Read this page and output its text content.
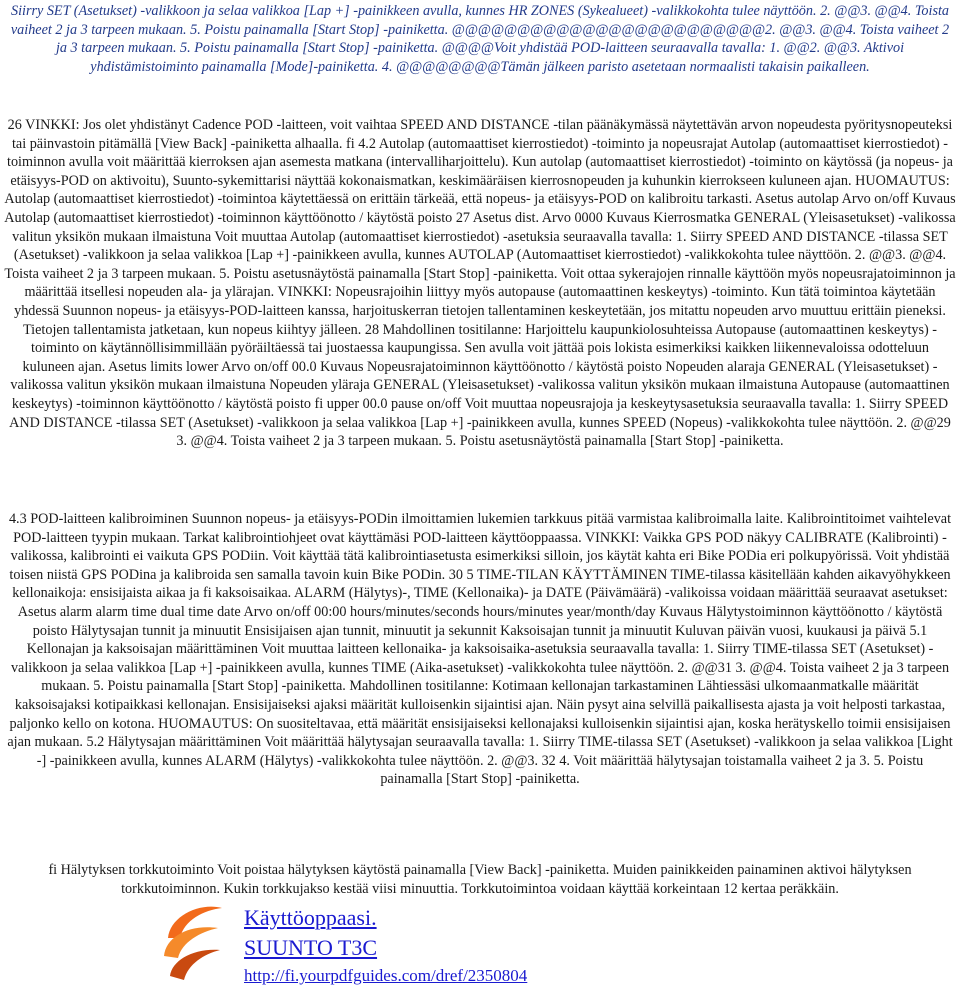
Siirry SET (Asetukset) -valikkoon ja selaa valikkoa [Lap +] -painikkeen avulla, kunnes HR ZONES (Sykealueet) -valikkokohta tulee näyttöön. 2. @@3. @@4. Toista vaiheet 2 ja 3 tarpeen mukaan. 5. Poistu painamalla [Start Stop] -painiketta. @@@@@@@@@@@@@@@@@@@@@@@@2. @@3. @@4. Toista vaiheet 2 ja 3 tarpeen mukaan. 5. Poistu painamalla [Start Stop] -painiketta. @@@@Voit yhdistää POD-laitteen seuraavalla tavalla: 1. @@2. @@3. Aktivoi yhdistämistoiminto painamalla [Mode]-painiketta. 4. @@@@@@@@Tämän jälkeen paristo asetetaan normaalisti takaisin paikalleen.

26 VINKKI: Jos olet yhdistänyt Cadence POD -laitteen, voit vaihtaa SPEED AND DISTANCE -tilan päänäkymässä näytettävän arvon nopeudesta pyöritysnopeuteksi tai päinvastoin pitämällä [View Back] -painiketta alhaalla. fi 4.2 Autolap (automaattiset kierrostiedot) -toiminto ja nopeusrajat Autolap (automaattiset kierrostiedot) -toiminnon avulla voit määrittää kierroksen ajan asemesta matkana (intervalliharjoittelu). Kun autolap (automaattiset kierrostiedot) -toiminto on käytössä (ja nopeus- ja etäisyys-POD on aktivoitu), Suunto-sykemittarisi näyttää kokonaismatkan, keskimääräisen kierrosnopeuden ja kuhunkin kierrokseen kuluneen ajan. HUOMAUTUS: Autolap (automaattiset kierrostiedot) -toimintoa käytettäessä on erittäin tärkeää, että nopeus- ja etäisyys-POD on kalibroitu tarkasti. Asetus autolap Arvo on/off Kuvaus Autolap (automaattiset kierrostiedot) -toiminnon käyttöönotto / käytöstä poisto 27 Asetus dist. Arvo 0000 Kuvaus Kierrosmatka GENERAL (Yleisasetukset) -valikossa valitun yksikön mukaan ilmaistuna Voit muuttaa Autolap (automaattiset kierrostiedot) -asetuksia seuraavalla tavalla: 1. Siirry SPEED AND DISTANCE -tilassa SET (Asetukset) -valikkoon ja selaa valikkoa [Lap +] -painikkeen avulla, kunnes AUTOLAP (Automaattiset kierrostiedot) -valikkokohta tulee näyttöön. 2. @@3. @@4. Toista vaiheet 2 ja 3 tarpeen mukaan. 5. Poistu asetusnäytöstä painamalla [Start Stop] -painiketta. Voit ottaa sykerajojen rinnalle käyttöön myös nopeusrajatoiminnon ja määrittää itsellesi nopeuden ala- ja ylärajan. VINKKI: Nopeusrajoihin liittyy myös autopause (automaattinen keskeytys) -toiminto. Kun tätä toimintoa käytetään yhdessä Suunnon nopeus- ja etäisyys-POD-laitteen kanssa, harjoituskerran tietojen tallentaminen keskeytetään, jos mitattu nopeuden arvo muuttuu erittäin pieneksi. Tietojen tallentamista jatketaan, kun nopeus kiihtyy jälleen. 28 Mahdollinen tositilanne: Harjoittelu kaupunkiolosuhteissa Autopause (automaattinen keskeytys) -toiminto on käytännöllisimmillään pyöräiltäessä tai juostaessa kaupungissa. Sen avulla voit jättää pois lokista esimerkiksi kaikken liikennevaloissa odotteluun kuluneen ajan. Asetus limits lower Arvo on/off 00.0 Kuvaus Nopeusrajatoiminnon käyttöönotto / käytöstä poisto Nopeuden alaraja GENERAL (Yleisasetukset) -valikossa valitun yksikön mukaan ilmaistuna Nopeuden yläraja GENERAL (Yleisasetukset) -valikossa valitun yksikön mukaan ilmaistuna Autopause (automaattinen keskeytys) -toiminnon käyttöönotto / käytöstä poisto fi upper 00.0 pause on/off Voit muuttaa nopeusrajoja ja keskeytysasetuksia seuraavalla tavalla: 1. Siirry SPEED AND DISTANCE -tilassa SET (Asetukset) -valikkoon ja selaa valikkoa [Lap +] -painikkeen avulla, kunnes SPEED (Nopeus) -valikkokohta tulee näyttöön. 2. @@29 3. @@4. Toista vaiheet 2 ja 3 tarpeen mukaan. 5. Poistu asetusnäytöstä painamalla [Start Stop] -painiketta.

4.3 POD-laitteen kalibroiminen Suunnon nopeus- ja etäisyys-PODin ilmoittamien lukemien tarkkuus pitää varmistaa kalibroimalla laite. Kalibrointitoimet vaihtelevat POD-laitteen tyypin mukaan. Tarkat kalibrointiohjeet ovat käyttämäsi POD-laitteen käyttöoppaassa. VINKKI: Vaikka GPS POD näkyy CALIBRATE (Kalibrointi) -valikossa, kalibrointi ei vaikuta GPS PODiin. Voit käyttää tätä kalibrointiasetusta esimerkiksi silloin, jos käytät kahta eri Bike PODia eri polkupyörissä. Voit yhdistää toisen niistä GPS PODina ja kalibroida sen samalla tavoin kuin Bike PODin. 30 5 TIME-TILAN KÄYTTÄMINEN TIME-tilassa käsitellään kahden aikavyöhykkeen kellonaikoja: ensisijaista aikaa ja fi kaksoisaikaa. ALARM (Hälytys)-, TIME (Kellonaika)- ja DATE (Päivämäärä) -valikoissa voidaan määrittää seuraavat asetukset: Asetus alarm alarm time dual time date Arvo on/off 00:00 hours/minutes/seconds hours/minutes year/month/day Kuvaus Hälytystoiminnon käyttöönotto / käytöstä poisto Hälytysajan tunnit ja minuutit Ensisijaisen ajan tunnit, minuutit ja sekunnit Kaksoisajan tunnit ja minuutit Kuluvan päivän vuosi, kuukausi ja päivä 5.1 Kellonajan ja kaksoisajan määrittäminen Voit muuttaa laitteen kellonaika- ja kaksoisaika-asetuksia seuraavalla tavalla: 1. Siirry TIME-tilassa SET (Asetukset) -valikkoon ja selaa valikkoa [Lap +] -painikkeen avulla, kunnes TIME (Aika-asetukset) -valikkokohta tulee näyttöön. 2. @@31 3. @@4. Toista vaiheet 2 ja 3 tarpeen mukaan. 5. Poistu painamalla [Start Stop] -painiketta. Mahdollinen tositilanne: Kotimaan kellonajan tarkastaminen Lähtiessäsi ulkomaanmatkalle määrität kaksoisajaksi kotipaikkasi kellonajan. Ensisijaiseksi ajaksi määrität kulloisenkin sijaintisi ajan. Näin pysyt aina selvillä paikallisesta ajasta ja voit helposti tarkastaa, paljonko kello on kotona. HUOMAUTUS: On suositeltavaa, että määrität ensisijaiseksi kellonajaksi kulloisenkin sijaintisi ajan, koska herätyskello toimii ensisijaisen ajan mukaan. 5.2 Hälytysajan määrittäminen Voit määrittää hälytysajan seuraavalla tavalla: 1. Siirry TIME-tilassa SET (Asetukset) -valikkoon ja selaa valikkoa [Light -] -painikkeen avulla, kunnes ALARM (Hälytys) -valikkokohta tulee näyttöön. 2. @@3. 32 4. Voit määrittää hälytysajan toistamalla vaiheet 2 ja 3. 5. Poistu painamalla [Start Stop] -painiketta.

fi Hälytyksen torkkutoiminto Voit poistaa hälytyksen käytöstä painamalla [View Back] -painiketta. Muiden painikkeiden painaminen aktivoi hälytyksen torkkutoiminnon. Kukin torkkujakso kestää viisi minuuttia. Torkkutoimintoa voidaan käyttää korkeintaan 12 kertaa peräkkäin.

Käyttöoppaasi.
SUUNTO T3C
http://fi.yourpdfguides.com/dref/2350804
